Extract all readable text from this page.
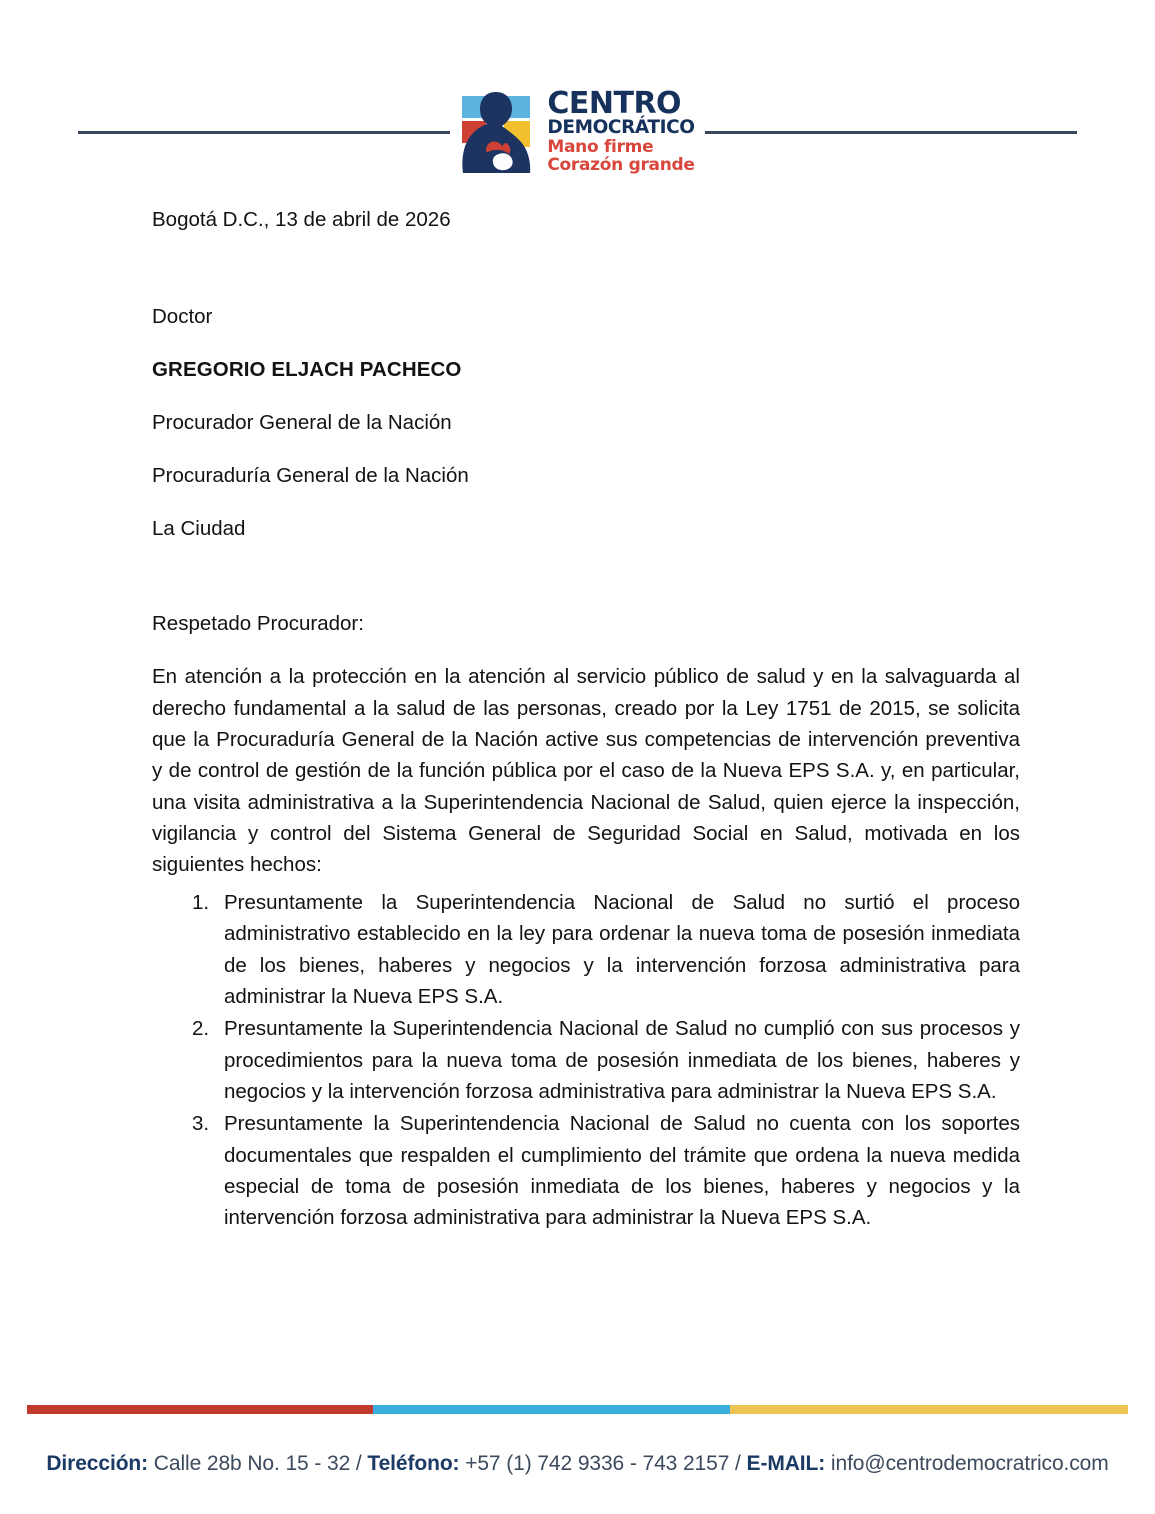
CENTRO
DEMOCRÁTICO
Mano firme
Corazón grande

Bogotá D.C., 13 de abril de 2026

Doctor

GREGORIO ELJACH PACHECO

Procurador General de la Nación

Procuraduría General de la Nación

La Ciudad

Respetado Procurador:

En atención a la protección en la atención al servicio público de salud y en la salvaguarda al derecho fundamental a la salud de las personas, creado por la Ley 1751 de 2015, se solicita que la Procuraduría General de la Nación active sus competencias de intervención preventiva y de control de gestión de la función pública por el caso de la Nueva EPS S.A. y, en particular, una visita administrativa a la Superintendencia Nacional de Salud, quien ejerce la inspección, vigilancia y control del Sistema General de Seguridad Social en Salud, motivada en los siguientes hechos:

Presuntamente la Superintendencia Nacional de Salud no surtió el proceso administrativo establecido en la ley para ordenar la nueva toma de posesión inmediata de los bienes, haberes y negocios y la intervención forzosa administrativa para administrar la Nueva EPS S.A.
Presuntamente la Superintendencia Nacional de Salud no cumplió con sus procesos y procedimientos para la nueva toma de posesión inmediata de los bienes, haberes y negocios y la intervención forzosa administrativa para administrar la Nueva EPS S.A.
Presuntamente la Superintendencia Nacional de Salud no cuenta con los soportes documentales que respalden el cumplimiento del trámite que ordena la nueva medida especial de toma de posesión inmediata de los bienes, haberes y negocios y la intervención forzosa administrativa para administrar la Nueva EPS S.A.
Dirección: Calle 28b No. 15 - 32 / Teléfono: +57 (1) 742 9336 - 743 2157 / E-MAIL: info@centrodemocratrico.com
